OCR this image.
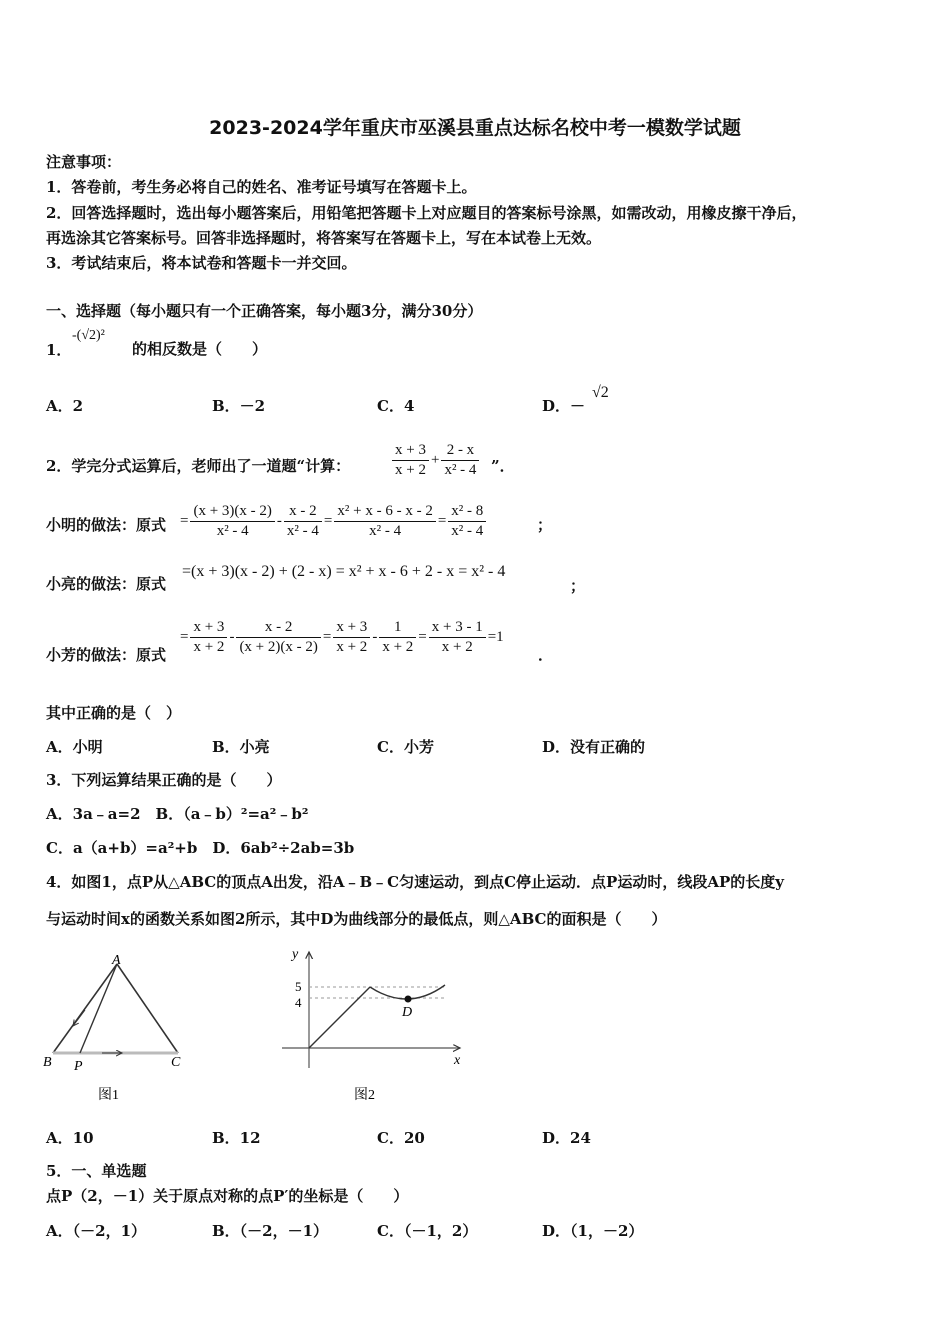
2023-2024学年重庆市巫溪县重点达标名校中考一模数学试题
注意事项：
1．答卷前，考生务必将自己的姓名、准考证号填写在答题卡上。
2．回答选择题时，选出每小题答案后，用铅笔把答题卡上对应题目的答案标号涂黑，如需改动，用橡皮擦干净后，
再选涂其它答案标号。回答非选择题时，将答案写在答题卡上，写在本试卷上无效。
3．考试结束后，将本试卷和答题卡一并交回。
一、选择题（每小题只有一个正确答案，每小题3分，满分30分）
1．
-(√2)²
的相反数是（　　）
A．2	B．－2	C．4	D．－
√2
2．学完分式运算后，老师出了一道题“计算：	$\frac{x + 3}{x + 2} + \frac{2 - x}{\text{x² - 4}}$ ”．
小明的做法：原式 = $\frac{(x + 3)(x - 2)}{\text{x² - 4}} - \frac{x - 2}{\text{x² - 4}} = \frac{\text{x² + x - 6 - x - 2}}{\text{x² - 4}} = \frac{\text{x² - 8}}{\text{x² - 4}}$	；
小亮的做法：原式
=(x + 3)(x - 2) + (2 - x) = x² + x - 6 + 2 - x = x² - 4
；
小芳的做法：原式
= $\frac{x + 3}{x + 2} - \frac{x - 2}{(x + 2)(x - 2)} = \frac{x + 3}{x + 2} - \frac{1}{x + 2} = \frac{x + 3 - 1}{x + 2} =1$
．
其中正确的是（　）
A．小明	B．小亮	C．小芳	D．没有正确的
3．下列运算结果正确的是（　　）
A．3a﹣a=2　B．（a﹣b）²=a²﹣b²
C．a（a+b）=a²+b　D．6ab²÷2ab=3b
4．如图1，点P从△ABC的顶点A出发，沿A﹣B﹣C匀速运动，到点C停止运动．点P运动时，线段AP的长度y
与运动时间x的函数关系如图2所示，其中D为曲线部分的最低点，则△ABC的面积是（　　）
A
B	C
P
图1
y
x
5
4
D
图2
A．10	B．12	C．20	D．24
5．一、单选题
点P（2，－1）关于原点对称的点P′的坐标是（　　）
A．（－2，1）	B．（－2，－1）	C．（－1，2）	D．（1，－2）
